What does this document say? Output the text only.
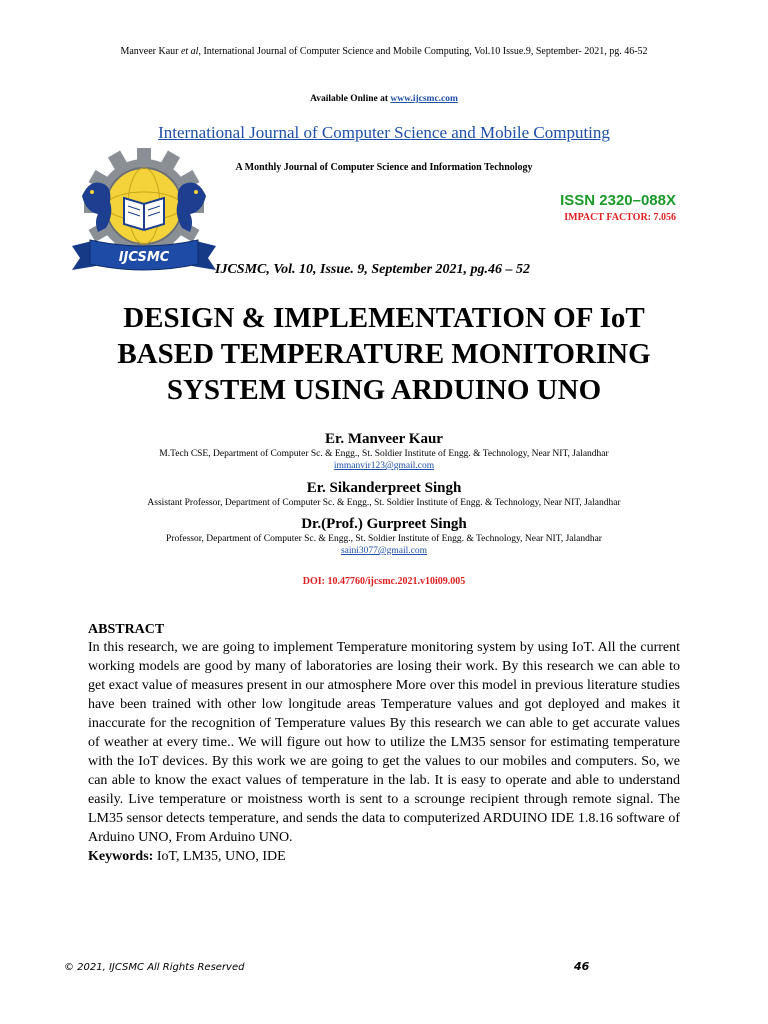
Manveer Kaur et al, International Journal of Computer Science and Mobile Computing, Vol.10 Issue.9, September- 2021, pg. 46-52
Available Online at www.ijcsmc.com
International Journal of Computer Science and Mobile Computing
A Monthly Journal of Computer Science and Information Technology
IJCSMC
ISSN 2320–088X
IMPACT FACTOR: 7.056
IJCSMC, Vol. 10, Issue. 9, September 2021, pg.46 – 52
DESIGN & IMPLEMENTATION OF IoT
BASED TEMPERATURE MONITORING
SYSTEM USING ARDUINO UNO
Er. Manveer Kaur
M.Tech CSE, Department of Computer Sc. & Engg., St. Soldier Institute of Engg. & Technology, Near NIT, Jalandhar
immanvir123@gmail.com
Er. Sikanderpreet Singh
Assistant Professor, Department of Computer Sc. & Engg., St. Soldier Institute of Engg. & Technology, Near NIT, Jalandhar
Dr.(Prof.) Gurpreet Singh
Professor, Department of Computer Sc. & Engg., St. Soldier Institute of Engg. & Technology, Near NIT, Jalandhar
saini3077@gmail.com
DOI: 10.47760/ijcsmc.2021.v10i09.005
ABSTRACT

In this research, we are going to implement Temperature monitoring system by using IoT. All the current working models are good by many of laboratories are losing their work. By this research we can able to get exact value of measures present in our atmosphere More over this model in previous literature studies have been trained with other low longitude areas Temperature values and got deployed and makes it inaccurate for the recognition of Temperature values By this research we can able to get accurate values of weather at every time.. We will figure out how to utilize the LM35 sensor for estimating temperature with the IoT devices. By this work we are going to get the values to our mobiles and computers. So, we can able to know the exact values of temperature in the lab. It is easy to operate and able to understand easily. Live temperature or moistness worth is sent to a scrounge recipient through remote signal. The LM35 sensor detects temperature, and sends the data to computerized ARDUINO IDE 1.8.16 software of Arduino UNO, From Arduino UNO.

Keywords: IoT, LM35, UNO, IDE
© 2021, IJCSMC All Rights Reserved	46
